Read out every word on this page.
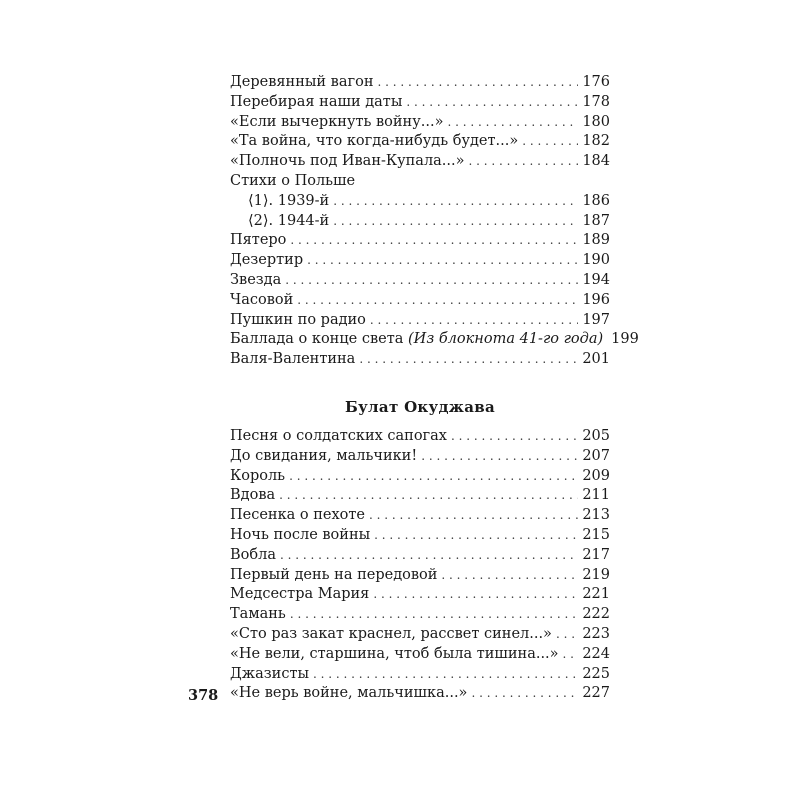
Деревянный вагон . . .	176
Перебирая наши даты . . .	178
«Если вычеркнуть войну...» . . .	180
«Та война, что когда-нибудь будет...» . . .	182
«Полночь под Иван-Купала...» . . .	184
Стихи о Польше
⟨1⟩. 1939-й . . .	186
⟨2⟩. 1944-й . . .	187
Пятеро . . .	189
Дезертир . . .	190
Звезда . . .	194
Часовой . . .	196
Пушкин по радио . . .	197
Баллада о конце света (Из блокнота 41-го года) 199
Валя-Валентина . . .	201
Булат Окуджава
Песня о солдатских сапогах . . .	205
До свидания, мальчики! . . .	207
Король . . .	209
Вдова . . .	211
Песенка о пехоте . . .	213
Ночь после войны . . .	215
Вобла . . .	217
Первый день на передовой . . .	219
Медсестра Мария . . .	221
Тамань . . .	222
«Сто раз закат краснел, рассвет синел...» . . . 223
«Не вели, старшина, чтоб была тишина...» . . . 224
Джазисты . . .	225
«Не верь войне, мальчишка...» . . .	227
378
